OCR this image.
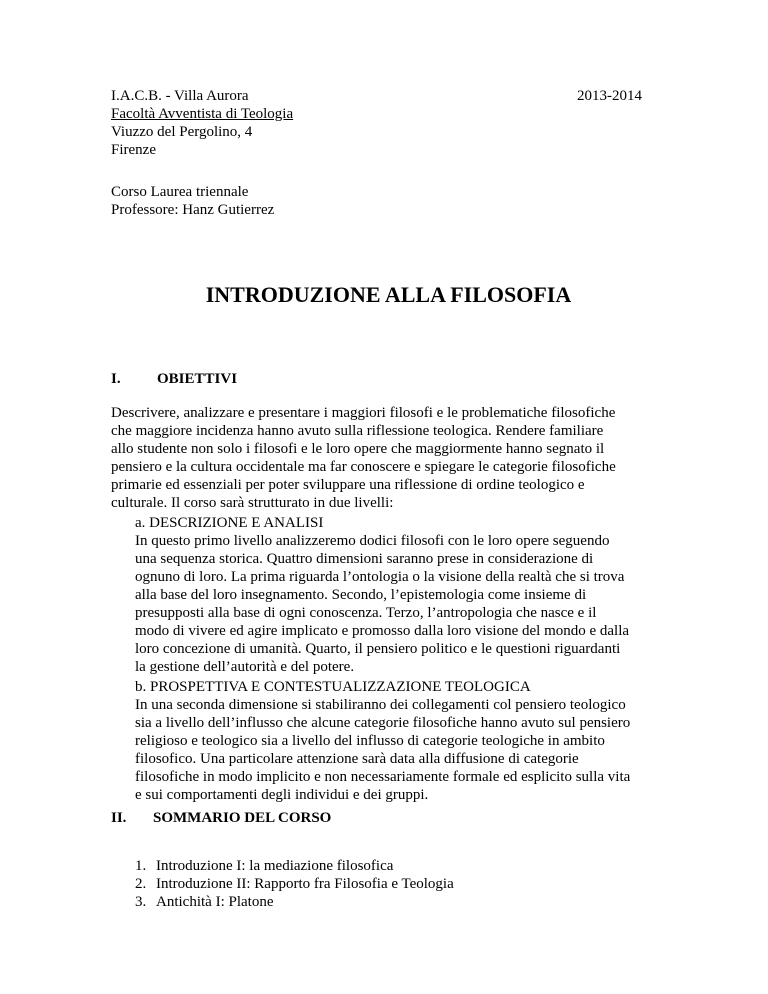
I.A.C.B. - Villa Aurora
Facoltà Avventista di Teologia
Viuzzo del Pergolino, 4
Firenze
2013-2014
Corso Laurea triennale
Professore: Hanz Gutierrez
INTRODUZIONE ALLA FILOSOFIA
I. OBIETTIVI
Descrivere, analizzare e presentare i maggiori filosofi e le problematiche filosofiche
che maggiore incidenza hanno avuto sulla riflessione teologica. Rendere familiare
allo studente non solo i filosofi e le loro opere che maggiormente hanno segnato il
pensiero e la cultura occidentale ma far conoscere e spiegare le categorie filosofiche
primarie ed essenziali per poter sviluppare una riflessione di ordine teologico e
culturale. Il corso sarà strutturato in due livelli:
a. DESCRIZIONE E ANALISI
In questo primo livello analizzeremo dodici filosofi con le loro opere seguendo
una sequenza storica. Quattro dimensioni saranno prese in considerazione di
ognuno di loro. La prima riguarda l’ontologia o la visione della realtà che si trova
alla base del loro insegnamento. Secondo, l’epistemologia come insieme di
presupposti alla base di ogni conoscenza. Terzo, l’antropologia che nasce e il
modo di vivere ed agire implicato e promosso dalla loro visione del mondo e dalla
loro concezione di umanità. Quarto, il pensiero politico e le questioni riguardanti
la gestione dell’autorità e del potere.
b. PROSPETTIVA E CONTESTUALIZZAZIONE TEOLOGICA
In una seconda dimensione si stabiliranno dei collegamenti col pensiero teologico
sia a livello dell’influsso che alcune categorie filosofiche hanno avuto sul pensiero
religioso e teologico sia a livello del influsso di categorie teologiche in ambito
filosofico. Una particolare attenzione sarà data alla diffusione di categorie
filosofiche in modo implicito e non necessariamente formale ed esplicito sulla vita
e sui comportamenti degli individui e dei gruppi.
II. SOMMARIO DEL CORSO
1. Introduzione I: la mediazione filosofica
2. Introduzione II: Rapporto fra Filosofia e Teologia
3. Antichità I: Platone
